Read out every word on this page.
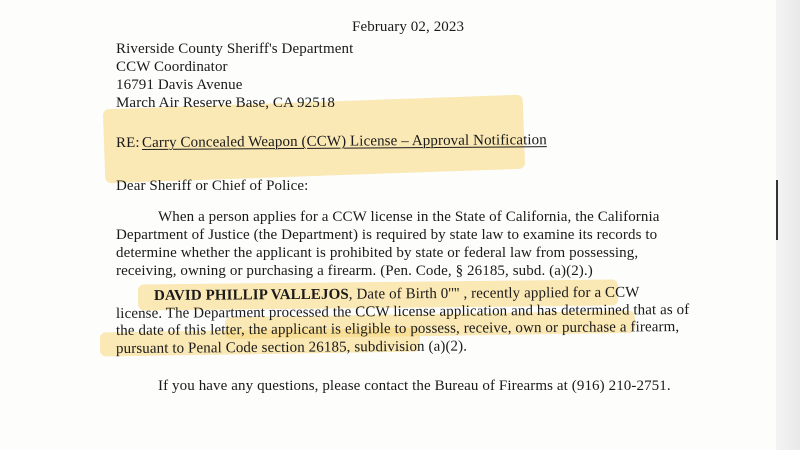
February 02, 2023
Riverside County Sheriff's Department
CCW Coordinator
16791 Davis Avenue
March Air Reserve Base, CA 92518
RE: Carry Concealed Weapon (CCW) License – Approval Notification
Dear Sheriff or Chief of Police:
When a person applies for a CCW license in the State of California, the California
Department of Justice (the Department) is required by state law to examine its records to
determine whether the applicant is prohibited by state or federal law from possessing,
receiving, owning or purchasing a firearm. (Pen. Code, § 26185, subd. (a)(2).)
DAVID PHILLIP VALLEJOS, Date of Birth 0'''' , recently applied for a CCW
license. The Department processed the CCW license application and has determined that as of
the date of this letter, the applicant is eligible to possess, receive, own or purchase a firearm,
pursuant to Penal Code section 26185, subdivision (a)(2).
If you have any questions, please contact the Bureau of Firearms at (916) 210-2751.
